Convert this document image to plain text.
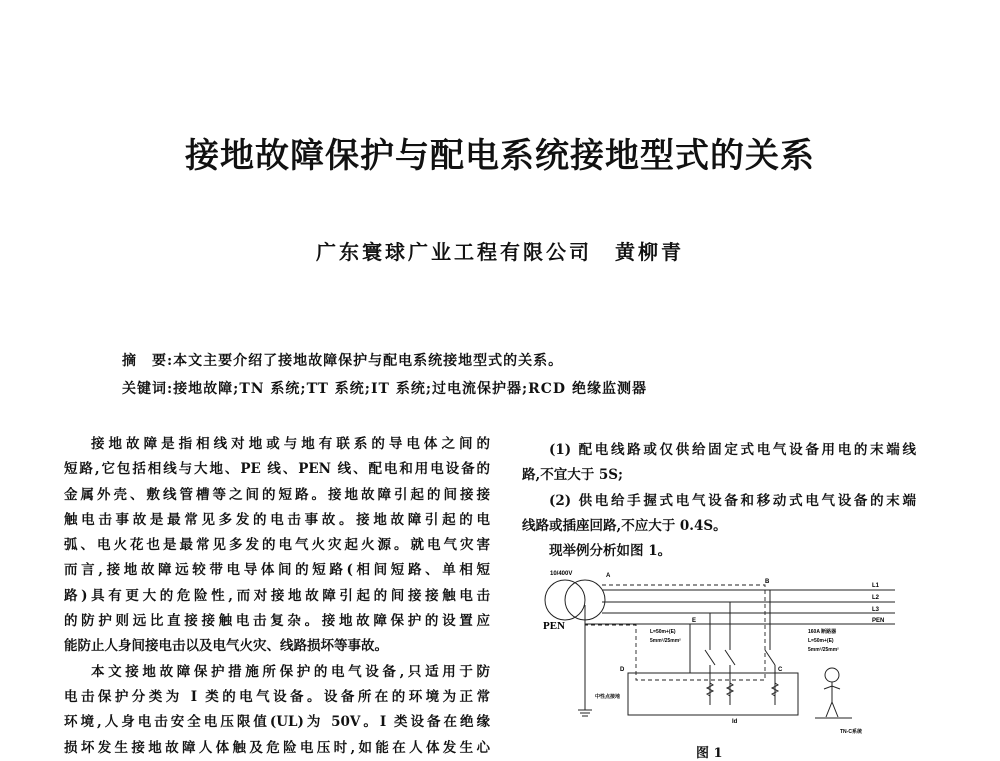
接地故障保护与配电系统接地型式的关系
广东寰球广业工程有限公司　黄柳青
摘　要:本文主要介绍了接地故障保护与配电系统接地型式的关系。
关键词:接地故障;TN 系统;TT 系统;IT 系统;过电流保护器;RCD 绝缘监测器
接地故障是指相线对地或与地有联系的导电体之间的
短路,它包括相线与大地、PE 线、PEN 线、配电和用电设备的
金属外壳、敷线管槽等之间的短路。接地故障引起的间接接
触电击事故是最常见多发的电击事故。接地故障引起的电
弧、电火花也是最常见多发的电气火灾起火源。就电气灾害
而言,接地故障远较带电导体间的短路(相间短路、单相短
路)具有更大的危险性,而对接地故障引起的间接接触电击
的防护则远比直接接触电击复杂。接地故障保护的设置应
能防止人身间接电击以及电气火灾、线路损坏等事故。
本文接地故障保护措施所保护的电气设备,只适用于防
电击保护分类为 I 类的电气设备。设备所在的环境为正常
环境,人身电击安全电压限值(UL)为 50V。I 类设备在绝缘
损坏发生接地故障人体触及危险电压时,如能在人体发生心
(1) 配电线路或仅供给固定式电气设备用电的末端线
路,不宜大于 5S;
(2) 供电给手握式电气设备和移动式电气设备的末端
线路或插座回路,不应大于 0.4S。
现举例分析如图 1。
10/400V	A
B
C
D
E
L1
L2
L3
PEN
PEN	L=50m+(E)
5mm²/25mm²
160A 断路器
L=50m+(E)
5mm²/25mm²
Id
中性点接地
TN-C系统
图 1
